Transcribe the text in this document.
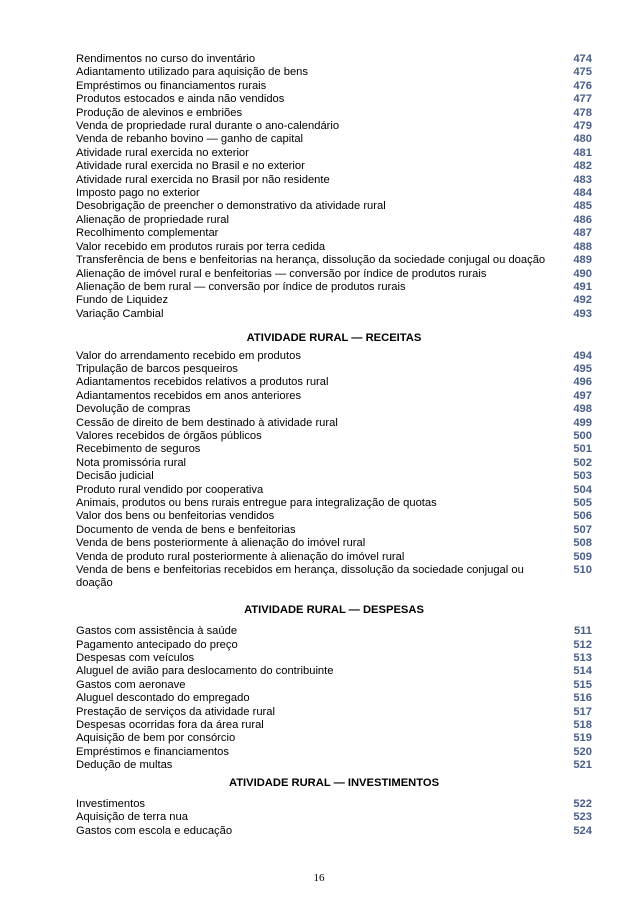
Rendimentos no curso do inventário	474
Adiantamento utilizado para aquisição de bens	475
Empréstimos ou financiamentos rurais	476
Produtos estocados e ainda não vendidos	477
Produção de alevinos e embriões	478
Venda de propriedade rural durante o ano-calendário	479
Venda de rebanho bovino — ganho de capital	480
Atividade rural exercida no exterior	481
Atividade rural exercida no Brasil e no exterior	482
Atividade rural exercida no Brasil por não residente	483
Imposto pago no exterior	484
Desobrigação de preencher o demonstrativo da atividade rural	485
Alienação de propriedade rural	486
Recolhimento complementar	487
Valor recebido em produtos rurais por terra cedida	488
Transferência de bens e benfeitorias na herança, dissolução da sociedade conjugal ou doação	489
Alienação de imóvel rural e benfeitorias — conversão por índice de produtos rurais	490
Alienação de bem rural — conversão por índice de produtos rurais	491
Fundo de Liquidez	492
Variação Cambial	493
ATIVIDADE RURAL — RECEITAS
Valor do arrendamento recebido em produtos	494
Tripulação de barcos pesqueiros	495
Adiantamentos recebidos relativos a produtos rural	496
Adiantamentos recebidos em anos anteriores	497
Devolução de compras	498
Cessão de direito de bem destinado à atividade rural	499
Valores recebidos de órgãos públicos	500
Recebimento de seguros	501
Nota promissória rural	502
Decisão judicial	503
Produto rural vendido por cooperativa	504
Animais, produtos ou bens rurais entregue para integralização de quotas	505
Valor dos bens ou benfeitorias vendidos	506
Documento de venda de bens e benfeitorias	507
Venda de bens posteriormente à alienação do imóvel rural	508
Venda de produto rural posteriormente à alienação do imóvel rural	509
Venda de bens e benfeitorias recebidos em herança, dissolução da sociedade conjugal ou doação
510
ATIVIDADE RURAL — DESPESAS
Gastos com assistência à saúde	511
Pagamento antecipado do preço	512
Despesas com veículos	513
Aluguel de avião para deslocamento do contribuinte	514
Gastos com aeronave	515
Aluguel descontado do empregado	516
Prestação de serviços da atividade rural	517
Despesas ocorridas fora da área rural	518
Aquisição de bem por consórcio	519
Empréstimos e financiamentos	520
Dedução de multas	521
ATIVIDADE RURAL — INVESTIMENTOS
Investimentos	522
Aquisição de terra nua	523
Gastos com escola e educação	524
16
